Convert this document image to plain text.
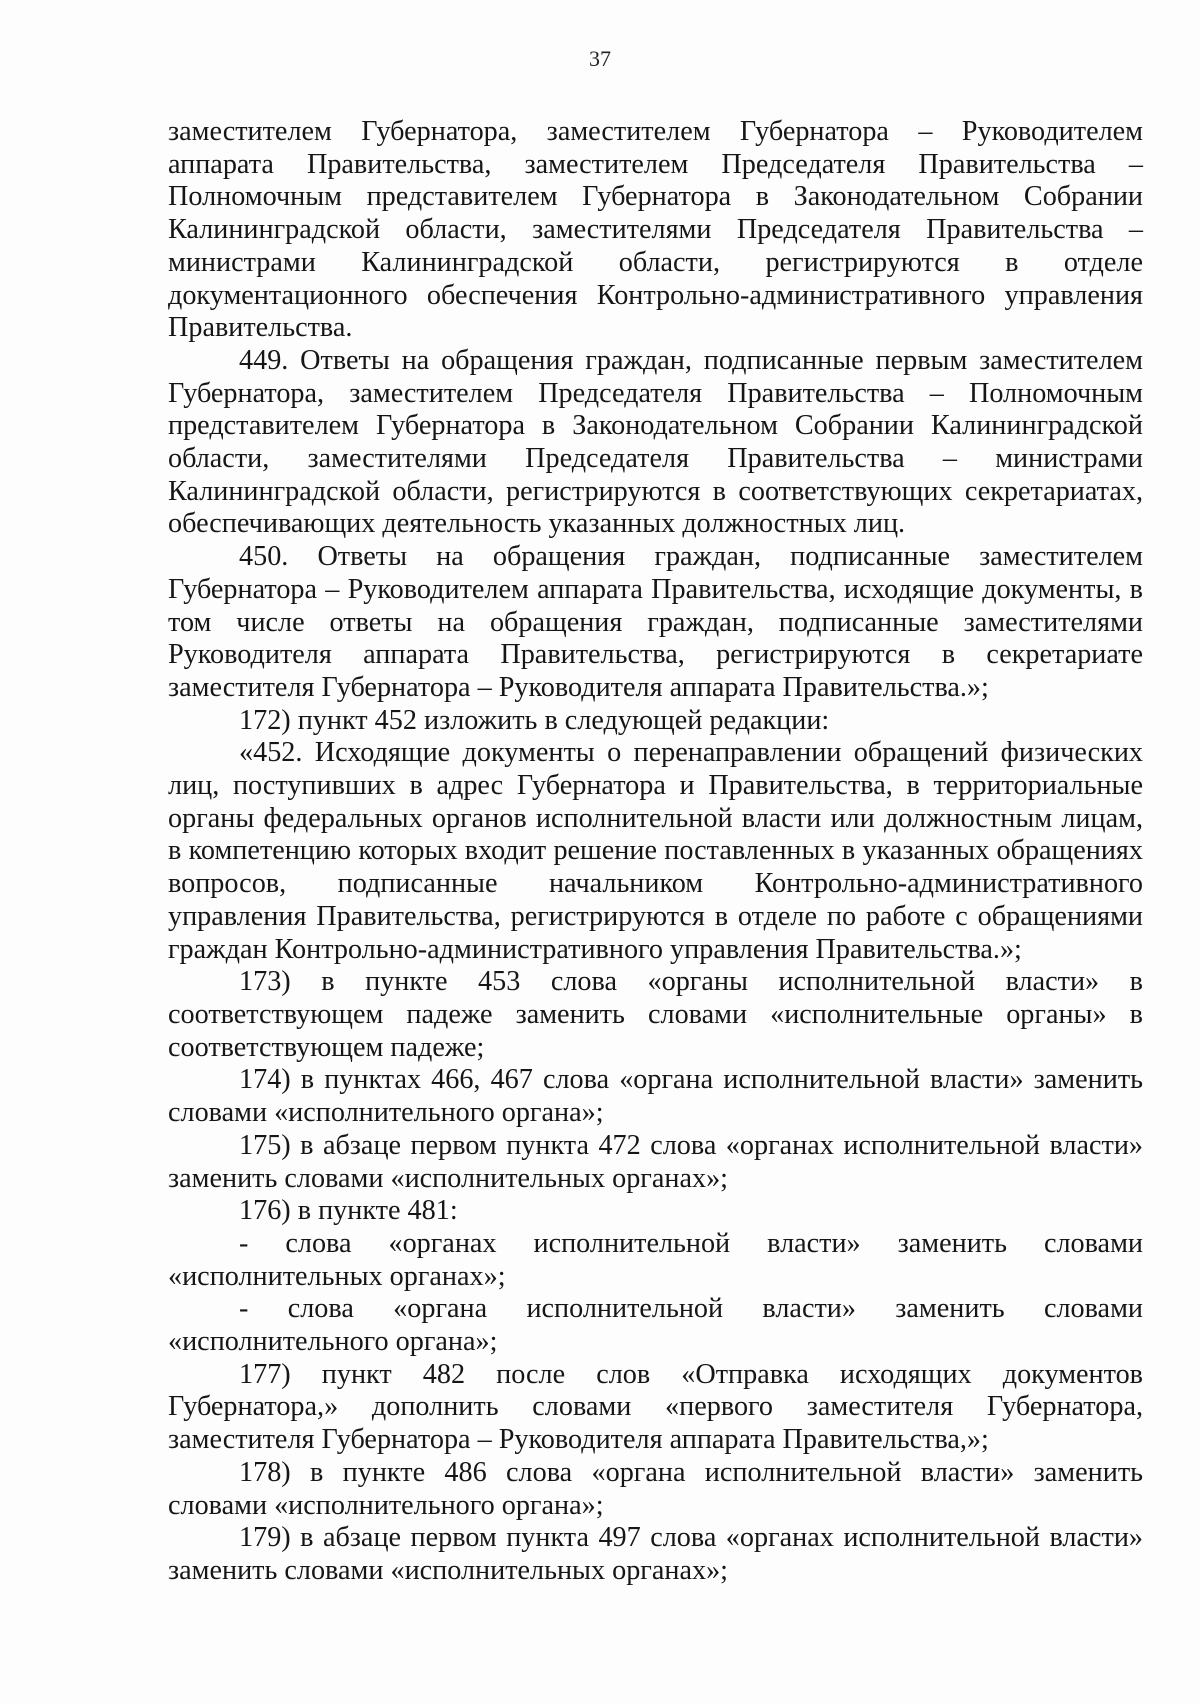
37

заместителем Губернатора, заместителем Губернатора – Руководителем аппарата Правительства, заместителем Председателя Правительства – Полномочным представителем Губернатора в Законодательном Собрании Калининградской области, заместителями Председателя Правительства – министрами Калининградской области, регистрируются в отделе документационного обеспечения Контрольно-административного управления Правительства.

449. Ответы на обращения граждан, подписанные первым заместителем Губернатора, заместителем Председателя Правительства – Полномочным представителем Губернатора в Законодательном Собрании Калининградской области, заместителями Председателя Правительства – министрами Калининградской области, регистрируются в соответствующих секретариатах, обеспечивающих деятельность указанных должностных лиц.

450. Ответы на обращения граждан, подписанные заместителем Губернатора – Руководителем аппарата Правительства, исходящие документы, в том числе ответы на обращения граждан, подписанные заместителями Руководителя аппарата Правительства, регистрируются в секретариате заместителя Губернатора – Руководителя аппарата Правительства.»;

172) пункт 452 изложить в следующей редакции:

«452. Исходящие документы о перенаправлении обращений физических лиц, поступивших в адрес Губернатора и Правительства, в территориальные органы федеральных органов исполнительной власти или должностным лицам, в компетенцию которых входит решение поставленных в указанных обращениях вопросов, подписанные начальником Контрольно-административного управления Правительства, регистрируются в отделе по работе с обращениями граждан Контрольно-административного управления Правительства.»;

173) в пункте 453 слова «органы исполнительной власти» в соответствующем падеже заменить словами «исполнительные органы» в соответствующем падеже;

174) в пунктах 466, 467 слова «органа исполнительной власти» заменить словами «исполнительного органа»;

175) в абзаце первом пункта 472 слова «органах исполнительной власти» заменить словами «исполнительных органах»;

176) в пункте 481:

- слова «органах исполнительной власти» заменить словами «исполнительных органах»;

- слова «органа исполнительной власти» заменить словами «исполнительного органа»;

177) пункт 482 после слов «Отправка исходящих документов Губернатора,» дополнить словами «первого заместителя Губернатора, заместителя Губернатора – Руководителя аппарата Правительства,»;

178) в пункте 486 слова «органа исполнительной власти» заменить словами «исполнительного органа»;

179) в абзаце первом пункта 497 слова «органах исполнительной власти» заменить словами «исполнительных органах»;
